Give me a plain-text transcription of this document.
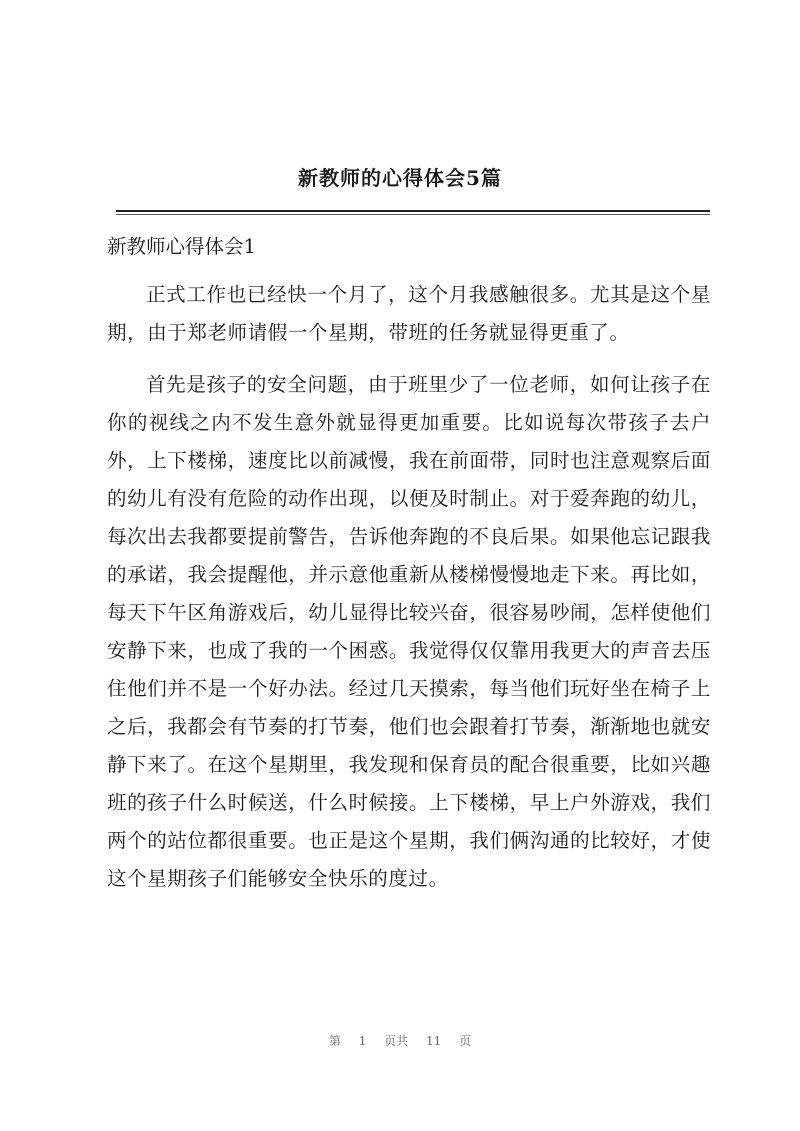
新教师的心得体会5篇
新教师心得体会1

正式工作也已经快一个月了，这个月我感触很多。尤其是这个星期，由于郑老师请假一个星期，带班的任务就显得更重了。

首先是孩子的安全问题，由于班里少了一位老师，如何让孩子在你的视线之内不发生意外就显得更加重要。比如说每次带孩子去户外，上下楼梯，速度比以前减慢，我在前面带，同时也注意观察后面的幼儿有没有危险的动作出现，以便及时制止。对于爱奔跑的幼儿，每次出去我都要提前警告，告诉他奔跑的不良后果。如果他忘记跟我的承诺，我会提醒他，并示意他重新从楼梯慢慢地走下来。再比如，每天下午区角游戏后，幼儿显得比较兴奋，很容易吵闹，怎样使他们安静下来，也成了我的一个困惑。我觉得仅仅靠用我更大的声音去压住他们并不是一个好办法。经过几天摸索，每当他们玩好坐在椅子上之后，我都会有节奏的打节奏，他们也会跟着打节奏，渐渐地也就安静下来了。在这个星期里，我发现和保育员的配合很重要，比如兴趣班的孩子什么时候送，什么时候接。上下楼梯，早上户外游戏，我们两个的站位都很重要。也正是这个星期，我们俩沟通的比较好，才使这个星期孩子们能够安全快乐的度过。

第 1 页共 11 页
